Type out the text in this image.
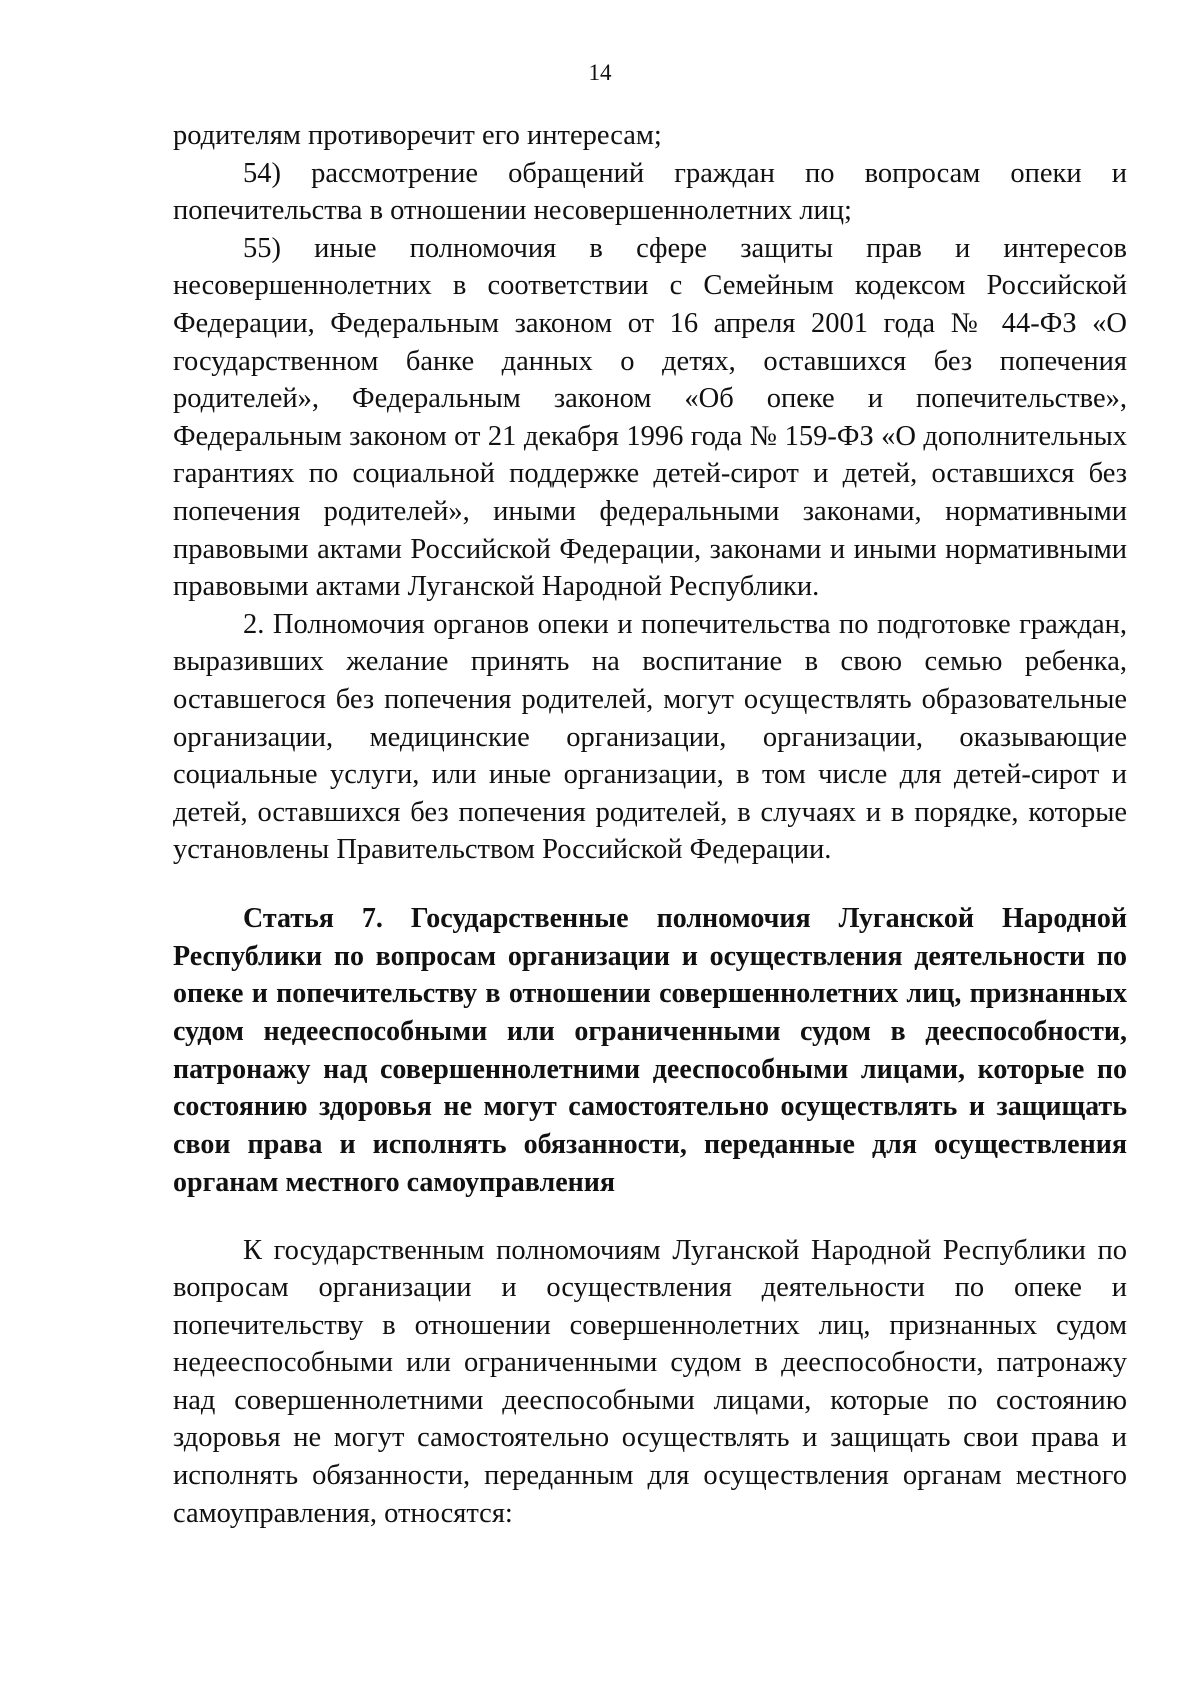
14

родителям противоречит его интересам;

54) рассмотрение обращений граждан по вопросам опеки и попечительства в отношении несовершеннолетних лиц;

55) иные полномочия в сфере защиты прав и интересов несовершеннолетних в соответствии с Семейным кодексом Российской Федерации, Федеральным законом от 16 апреля 2001 года № 44-ФЗ «О государственном банке данных о детях, оставшихся без попечения родителей», Федеральным законом «Об опеке и попечительстве», Федеральным законом от 21 декабря 1996 года № 159-ФЗ «О дополнительных гарантиях по социальной поддержке детей-сирот и детей, оставшихся без попечения родителей», иными федеральными законами, нормативными правовыми актами Российской Федерации, законами и иными нормативными правовыми актами Луганской Народной Республики.

2. Полномочия органов опеки и попечительства по подготовке граждан, выразивших желание принять на воспитание в свою семью ребенка, оставшегося без попечения родителей, могут осуществлять образовательные организации, медицинские организации, организации, оказывающие социальные услуги, или иные организации, в том числе для детей-сирот и детей, оставшихся без попечения родителей, в случаях и в порядке, которые установлены Правительством Российской Федерации.

Статья 7. Государственные полномочия Луганской Народной Республики по вопросам организации и осуществления деятельности по опеке и попечительству в отношении совершеннолетних лиц, признанных судом недееспособными или ограниченными судом в дееспособности, патронажу над совершеннолетними дееспособными лицами, которые по состоянию здоровья не могут самостоятельно осуществлять и защищать свои права и исполнять обязанности, переданные для осуществления органам местного самоуправления

К государственным полномочиям Луганской Народной Республики по вопросам организации и осуществления деятельности по опеке и попечительству в отношении совершеннолетних лиц, признанных судом недееспособными или ограниченными судом в дееспособности, патронажу над совершеннолетними дееспособными лицами, которые по состоянию здоровья не могут самостоятельно осуществлять и защищать свои права и исполнять обязанности, переданным для осуществления органам местного самоуправления, относятся:
